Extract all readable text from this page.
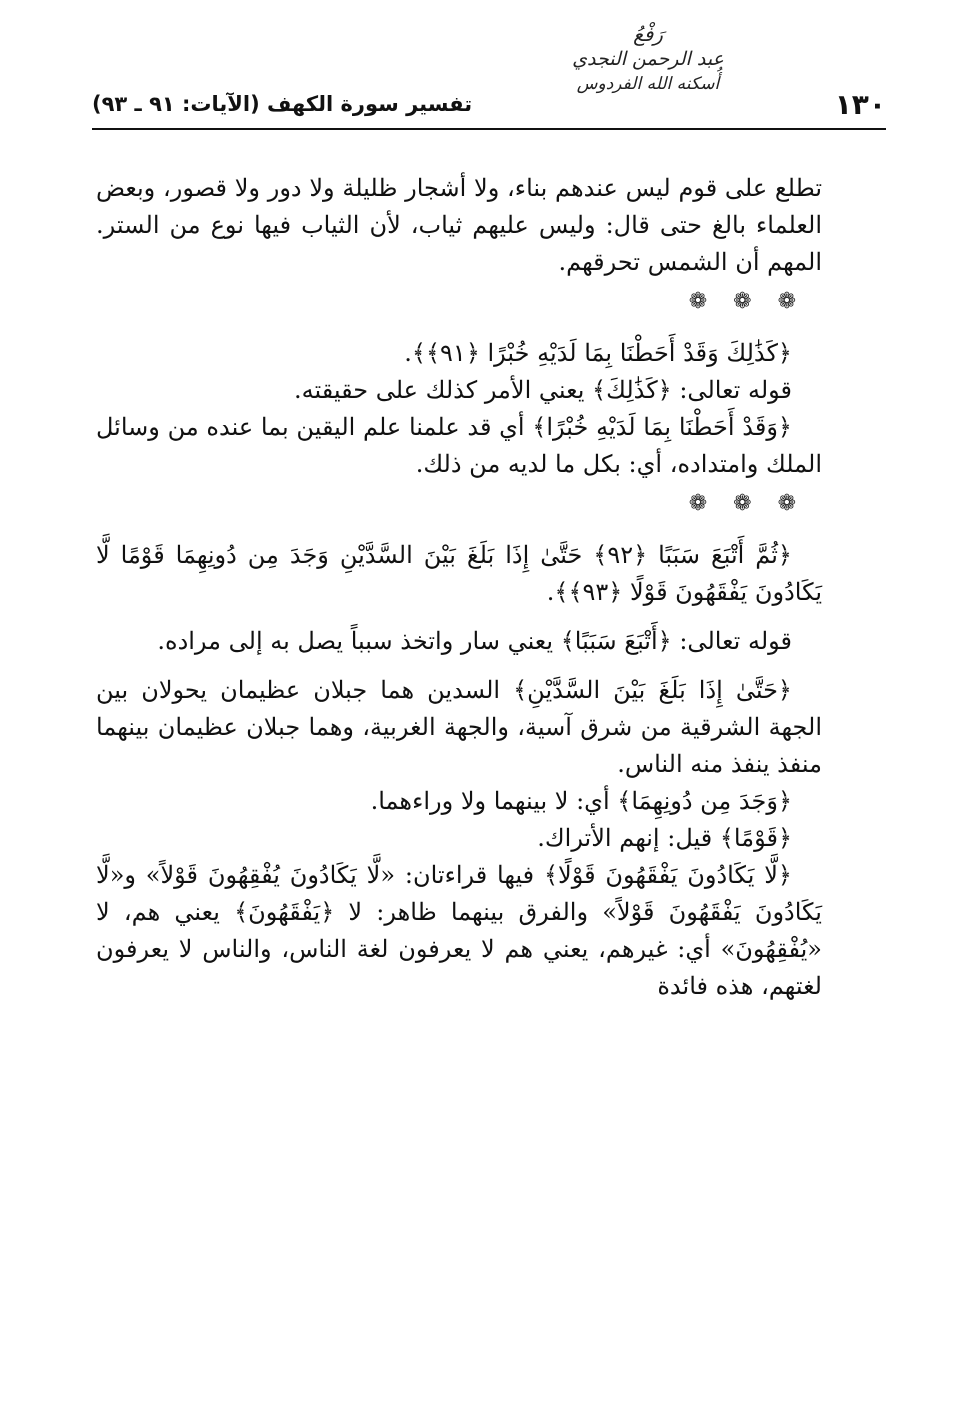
رَفْعُ
عبد الرحمن النجدي
أُسكنه الله الفردوس
١٣٠
تفسير سورة الكهف (الآيات: ٩١ ـ ٩٣)

تطلع على قوم ليس عندهم بناء، ولا أشجار ظليلة ولا دور ولا قصور، وبعض العلماء بالغ حتى قال: وليس عليهم ثياب، لأن الثياب فيها نوع من الستر. المهم أن الشمس تحرقهم.

❁❁❁

﴿كَذَٰلِكَ وَقَدْ أَحَطْنَا بِمَا لَدَيْهِ خُبْرًا ﴿٩١﴾﴾.

قوله تعالى: ﴿كَذَٰلِكَ﴾ يعني الأمر كذلك على حقيقته.

﴿وَقَدْ أَحَطْنَا بِمَا لَدَيْهِ خُبْرًا﴾ أي قد علمنا علم اليقين بما عنده من وسائل الملك وامتداده، أي: بكل ما لديه من ذلك.

❁❁❁

﴿ثُمَّ أَتْبَعَ سَبَبًا ﴿٩٢﴾ حَتَّىٰ إِذَا بَلَغَ بَيْنَ السَّدَّيْنِ وَجَدَ مِن دُونِهِمَا قَوْمًا لَّا يَكَادُونَ يَفْقَهُونَ قَوْلًا ﴿٩٣﴾﴾.

قوله تعالى: ﴿أَتْبَعَ سَبَبًا﴾ يعني سار واتخذ سبباً يصل به إلى مراده.

﴿حَتَّىٰ إِذَا بَلَغَ بَيْنَ السَّدَّيْنِ﴾ السدين هما جبلان عظيمان يحولان بين الجهة الشرقية من شرق آسية، والجهة الغربية، وهما جبلان عظيمان بينهما منفذ ينفذ منه الناس.

﴿وَجَدَ مِن دُونِهِمَا﴾ أي: لا بينهما ولا وراءهما.

﴿قَوْمًا﴾ قيل: إنهم الأتراك.

﴿لَّا يَكَادُونَ يَفْقَهُونَ قَوْلًا﴾ فيها قراءتان: «لَّا يَكَادُونَ يُفْقِهُونَ قَوْلاً» و«لَّا يَكَادُونَ يَفْقَهُونَ قَوْلاً» والفرق بينهما ظاهر: لا ﴿يَفْقَهُونَ﴾ يعني هم، لا «يُفْقِهُونَ» أي: غيرهم، يعني هم لا يعرفون لغة الناس، والناس لا يعرفون لغتهم، هذه فائدة
